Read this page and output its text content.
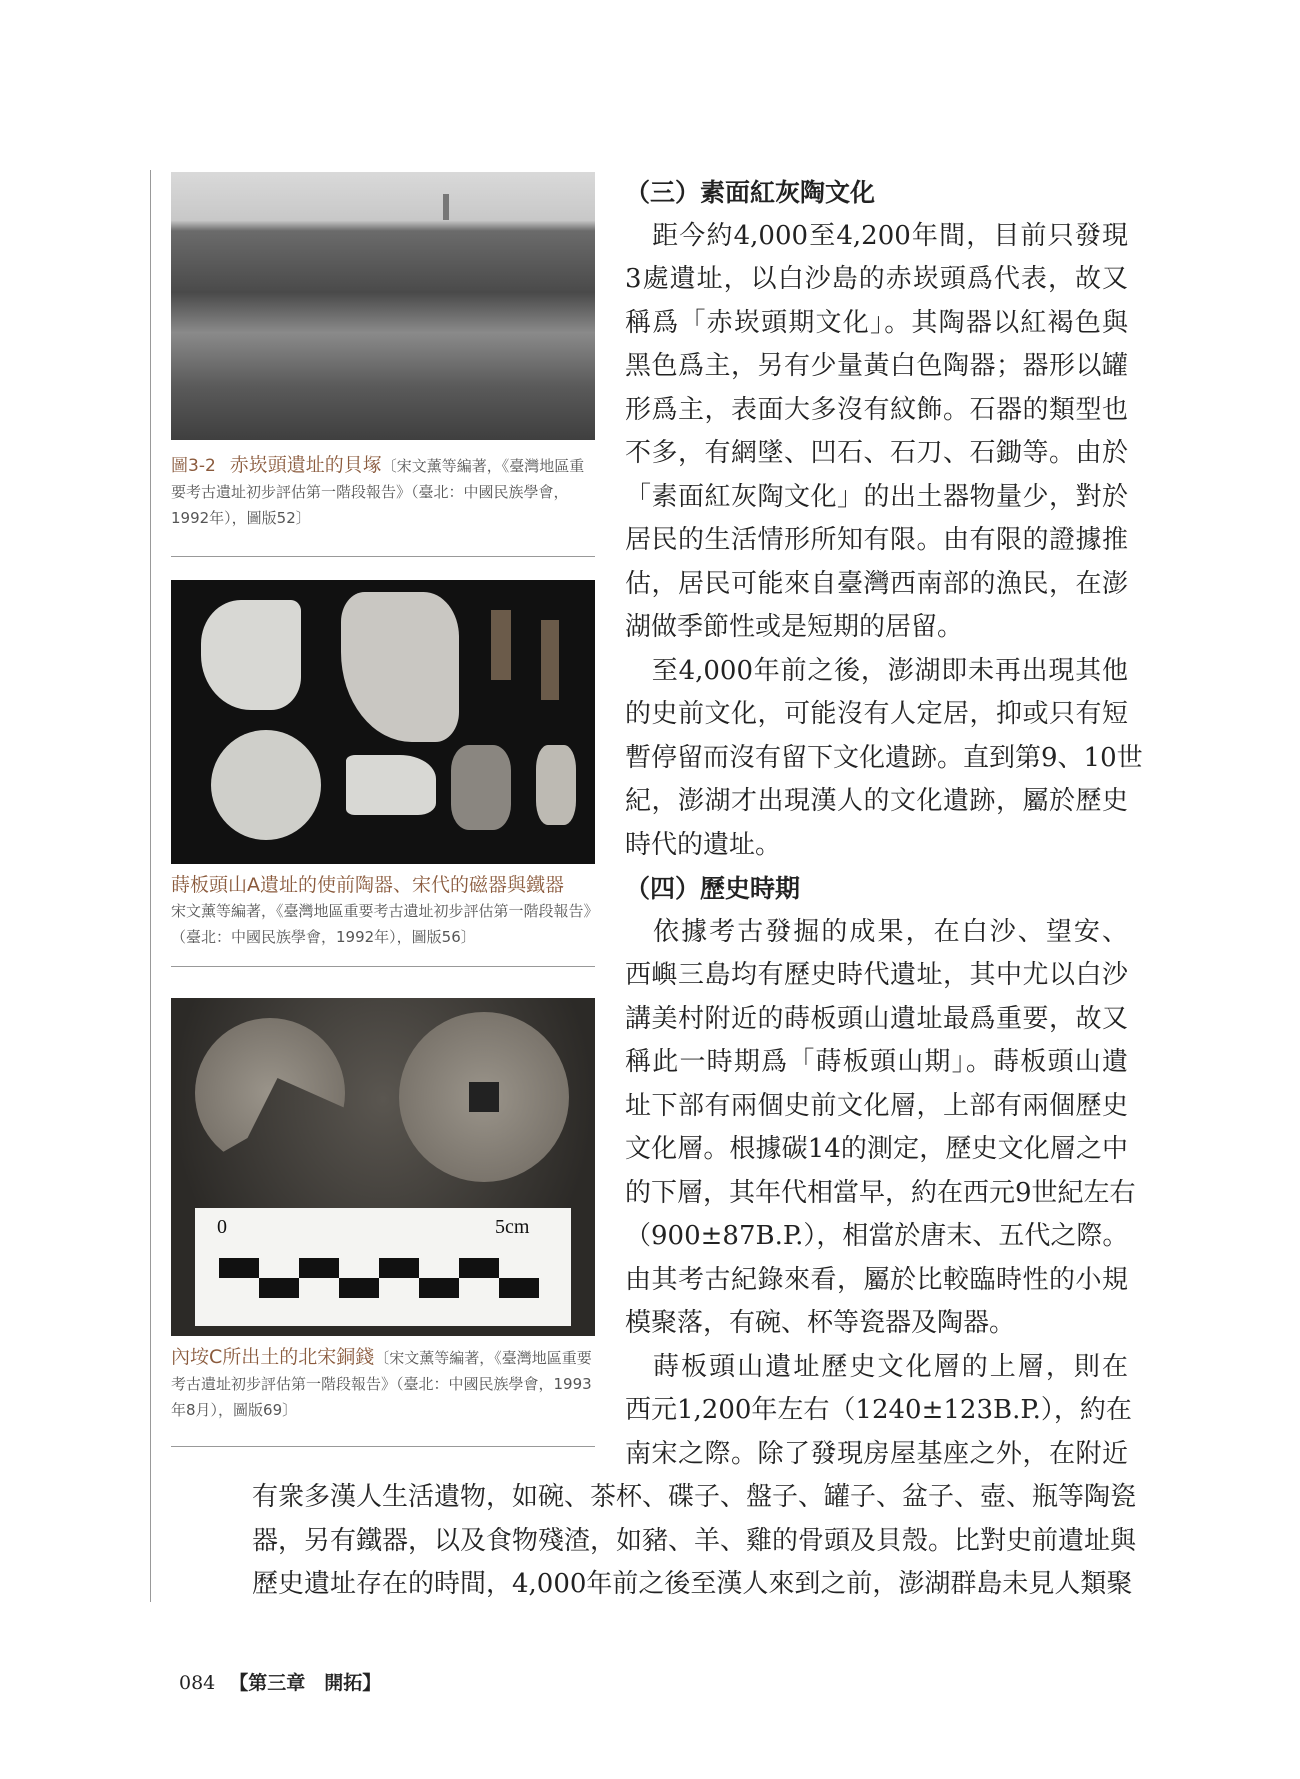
圖3-2 赤崁頭遺址的貝塚〔宋文薰等編著，《臺灣地區重要考古遺址初步評估第一階段報告》（臺北：中國民族學會，1992年），圖版52〕
蒔板頭山A遺址的使前陶器、宋代的磁器與鐵器
宋文薰等編著，《臺灣地區重要考古遺址初步評估第一階段報告》（臺北：中國民族學會，1992年），圖版56〕
0	5cm
內垵C所出土的北宋銅錢〔宋文薰等編著，《臺灣地區重要考古遺址初步評估第一階段報告》（臺北：中國民族學會，1993年8月），圖版69〕
（三）素面紅灰陶文化
　距今約4,000至4,200年間，目前只發現
3處遺址，以白沙島的赤崁頭爲代表，故又
稱爲「赤崁頭期文化」。其陶器以紅褐色與
黑色爲主，另有少量黃白色陶器；器形以罐
形爲主，表面大多沒有紋飾。石器的類型也
不多，有網墜、凹石、石刀、石鋤等。由於
「素面紅灰陶文化」的出土器物量少，對於
居民的生活情形所知有限。由有限的證據推
估，居民可能來自臺灣西南部的漁民，在澎
湖做季節性或是短期的居留。
　至4,000年前之後，澎湖即未再出現其他
的史前文化，可能沒有人定居，抑或只有短
暫停留而沒有留下文化遺跡。直到第9、10世
紀，澎湖才出現漢人的文化遺跡，屬於歷史
時代的遺址。
（四）歷史時期
　依據考古發掘的成果，在白沙、望安、
西嶼三島均有歷史時代遺址，其中尤以白沙
講美村附近的蒔板頭山遺址最爲重要，故又
稱此一時期爲「蒔板頭山期」。蒔板頭山遺
址下部有兩個史前文化層，上部有兩個歷史
文化層。根據碳14的測定，歷史文化層之中
的下層，其年代相當早，約在西元9世紀左右
（900±87B.P.），相當於唐末、五代之際。
由其考古紀錄來看，屬於比較臨時性的小規
模聚落，有碗、杯等瓷器及陶器。
　蒔板頭山遺址歷史文化層的上層，則在
西元1,200年左右（1240±123B.P.），約在
南宋之際。除了發現房屋基座之外，在附近
有衆多漢人生活遺物，如碗、茶杯、碟子、盤子、罐子、盆子、壺、瓶等陶瓷
器，另有鐵器，以及食物殘渣，如豬、羊、雞的骨頭及貝殼。比對史前遺址與
歷史遺址存在的時間，4,000年前之後至漢人來到之前，澎湖群島未見人類聚
084 【第三章　開拓】
